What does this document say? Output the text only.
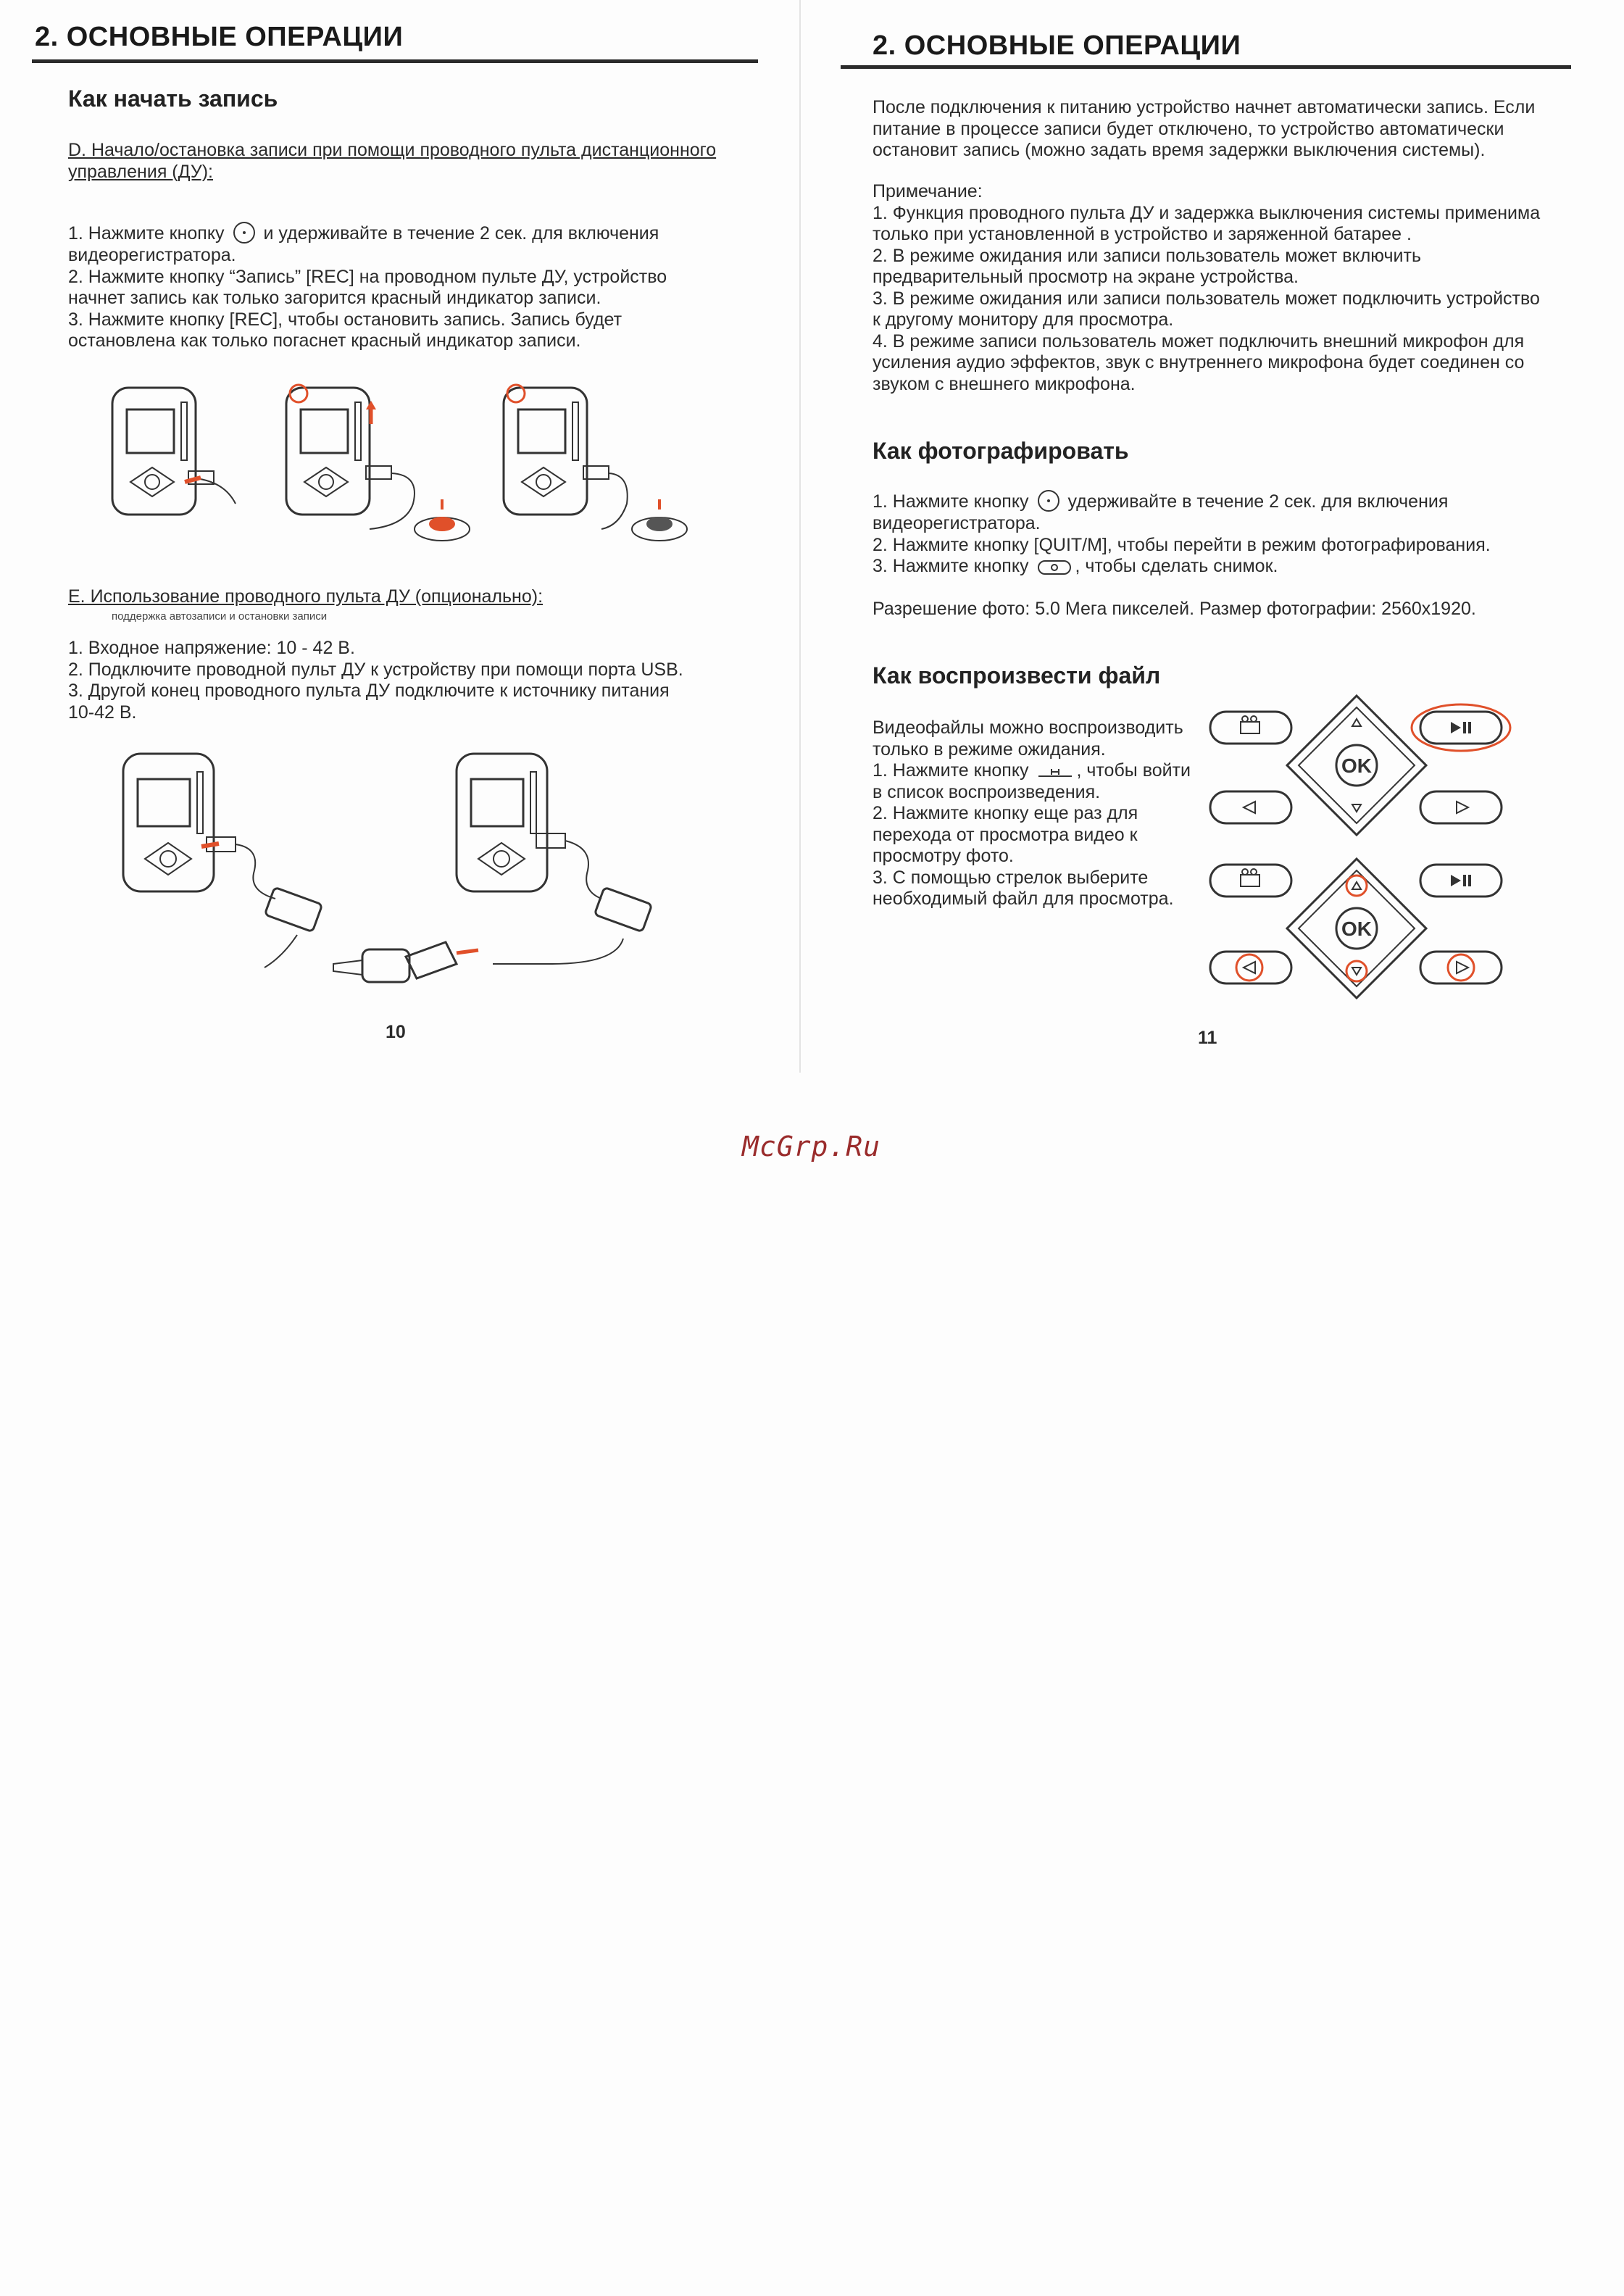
2. ОСНОВНЫЕ ОПЕРАЦИИ
Как начать запись
D. Начало/остановка записи при помощи проводного пульта дистанционного
управления (ДУ):
1. Нажмите кнопку и удерживайте в течение 2 сек. для включения
видеорегистратора.
2. Нажмите кнопку “Запись” [REC] на проводном пульте ДУ, устройство
начнет запись как только загорится красный индикатор записи.
3. Нажмите кнопку [REC], чтобы остановить запись. Запись будет
остановлена как только погаснет красный индикатор записи.
E. Использование проводного пульта ДУ (опционально):
поддержка автозаписи и остановки записи
1. Входное напряжение: 10 - 42 В.
2. Подключите проводной пульт ДУ к устройству при помощи порта USB.
3. Другой конец проводного пульта ДУ подключите к источнику питания
10-42 В.
10
2. ОСНОВНЫЕ ОПЕРАЦИИ
После подключения к питанию устройство начнет автоматически запись. Если
питание в процессе записи будет отключено, то устройство автоматически
остановит запись (можно задать время задержки выключения системы).
Примечание:
1. Функция проводного пульта ДУ и задержка выключения системы применима
только при установленной в устройство и заряженной батарее .
2. В режиме ожидания или записи пользователь может включить
предварительный просмотр на экране устройства.
3. В режиме ожидания или записи пользователь может подключить устройство
к другому монитору для просмотра.
4. В режиме записи пользователь может подключить внешний микрофон для
усиления аудио эффектов, звук с внутреннего микрофона будет соединен со
звуком с внешнего микрофона.
Как фотографировать
1. Нажмите кнопку удерживайте в течение 2 сек. для включения
видеорегистратора.
2. Нажмите кнопку [QUIT/M], чтобы перейти в режим фотографирования.
3. Нажмите кнопку	, чтобы сделать снимок.
Разрешение фото: 5.0 Мега пикселей. Размер фотографии: 2560x1920.
Как воспроизвести файл
Видеофайлы можно воспроизводить
только в режиме ожидания.
1. Нажмите кнопку	, чтобы войти
в список воспроизведения.
2. Нажмите кнопку еще раз для
перехода от просмотра видео к
просмотру фото.
3. С помощью стрелок выберите
необходимый файл для просмотра.
OK
OK
11
McGrp.Ru
